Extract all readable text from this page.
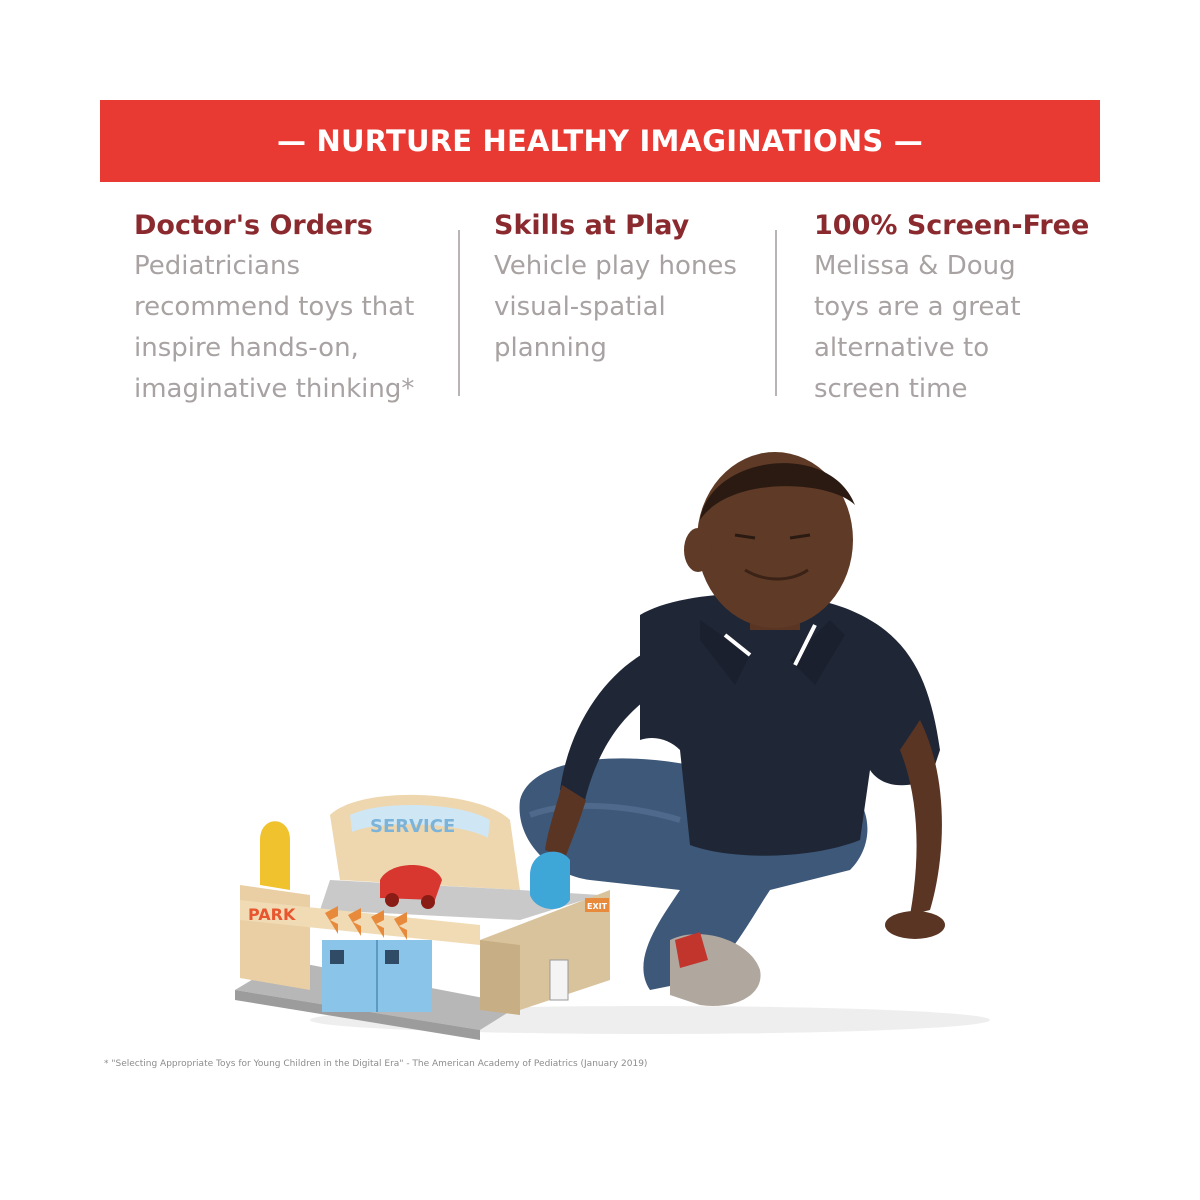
— NURTURE HEALTHY IMAGINATIONS —
Doctor's Orders
Pediatricians
recommend toys that
inspire hands-on,
imaginative thinking*
Skills at Play
Vehicle play hones
visual-spatial
planning
100% Screen-Free
Melissa & Doug
toys are a great
alternative to
screen time
SERVICE
PARK	EXIT
* "Selecting Appropriate Toys for Young Children in the Digital Era" - The American Academy of Pediatrics (January 2019)
